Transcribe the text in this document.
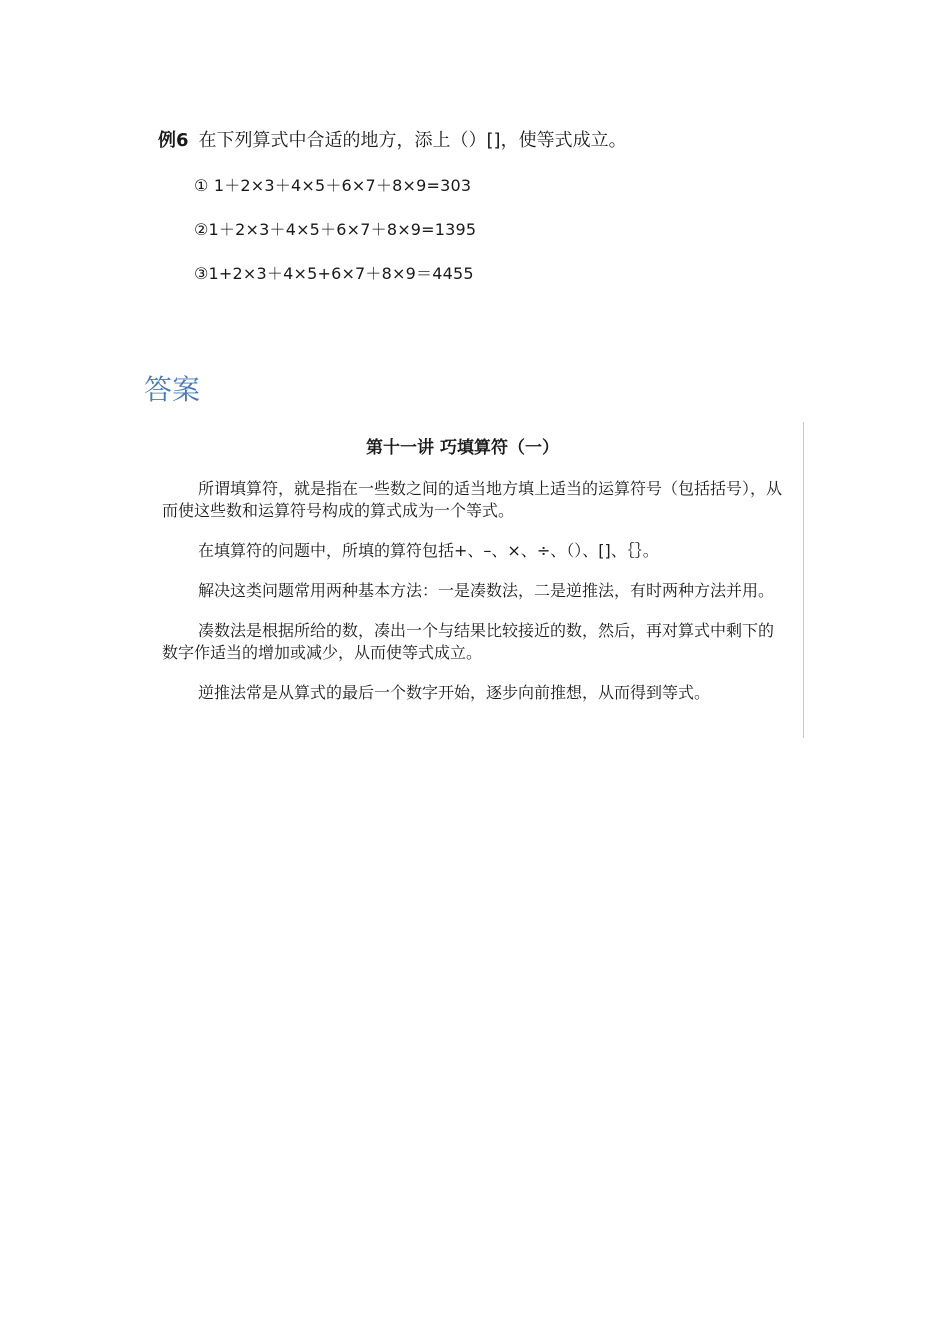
例6 在下列算式中合适的地方，添上（）[]，使等式成立。
① 1＋2×3＋4×5＋6×7＋8×9=303
②1＋2×3＋4×5＋6×7＋8×9=1395
③1+2×3＋4×5+6×7＋8×9＝4455
答案
第十一讲 巧填算符（一）

所谓填算符，就是指在一些数之间的适当地方填上适当的运算符号（包括括号），从而使这些数和运算符号构成的算式成为一个等式。

在填算符的问题中，所填的算符包括+、–、×、÷、（）、[]、｛｝。

解决这类问题常用两种基本方法：一是凑数法，二是逆推法，有时两种方法并用。

凑数法是根据所给的数，凑出一个与结果比较接近的数，然后，再对算式中剩下的数字作适当的增加或减少，从而使等式成立。

逆推法常是从算式的最后一个数字开始，逐步向前推想，从而得到等式。
